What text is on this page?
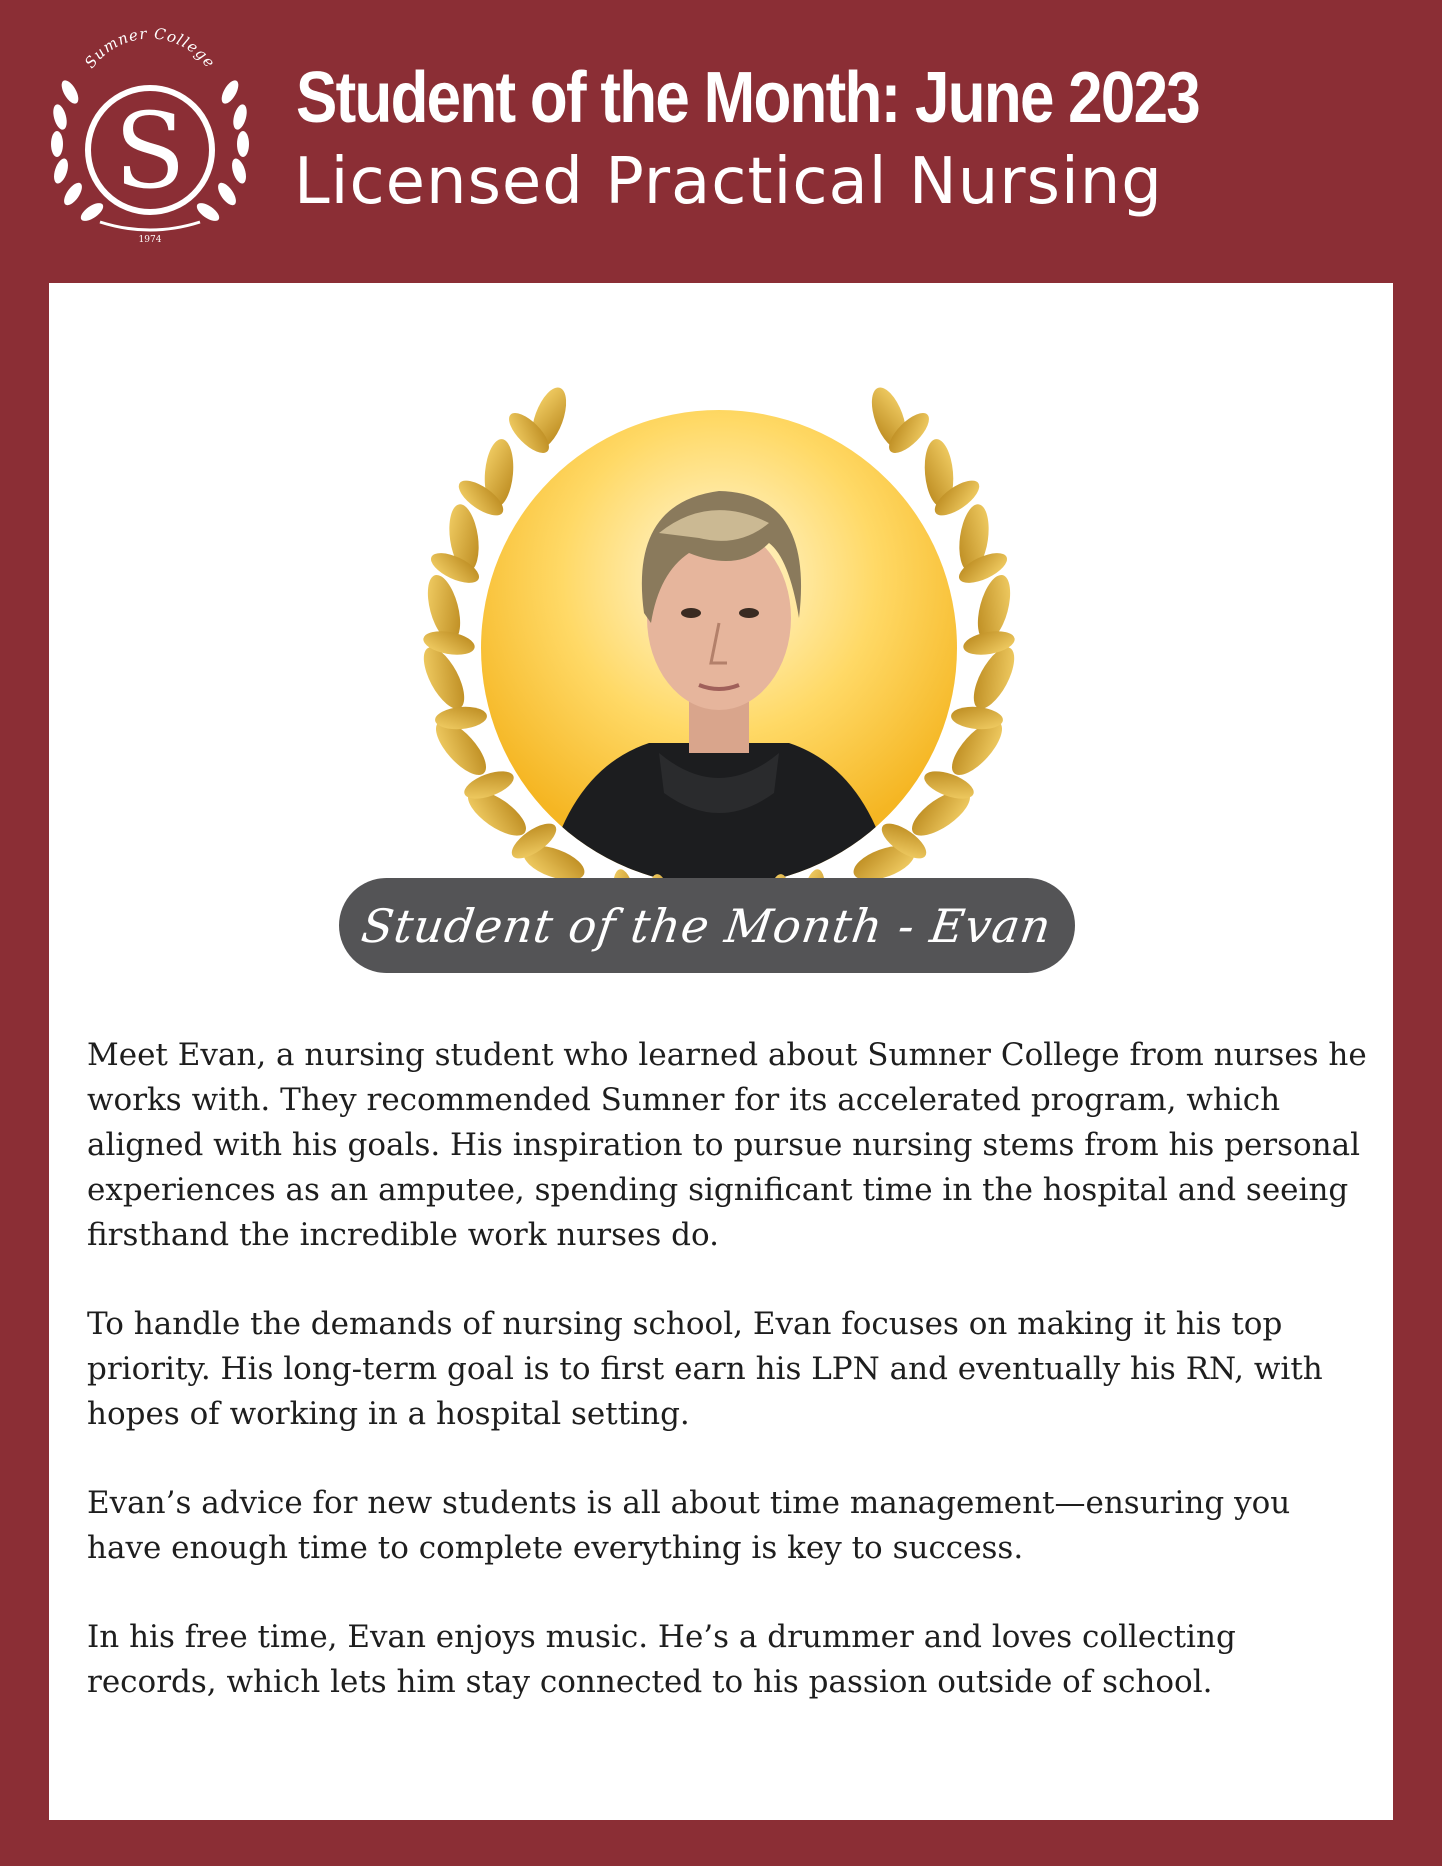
Sumner College
S
1974
Student of the Month: June 2023
Licensed Practical Nursing
Student of the Month - Evan

Meet Evan, a nursing student who learned about Sumner College from nurses he works with. They recommended Sumner for its accelerated program, which aligned with his goals. His inspiration to pursue nursing stems from his personal experiences as an amputee, spending significant time in the hospital and seeing firsthand the incredible work nurses do.

To handle the demands of nursing school, Evan focuses on making it his top priority. His long-term goal is to first earn his LPN and eventually his RN, with hopes of working in a hospital setting.

Evan’s advice for new students is all about time management—ensuring you have enough time to complete everything is key to success.

In his free time, Evan enjoys music. He’s a drummer and loves collecting records, which lets him stay connected to his passion outside of school.
